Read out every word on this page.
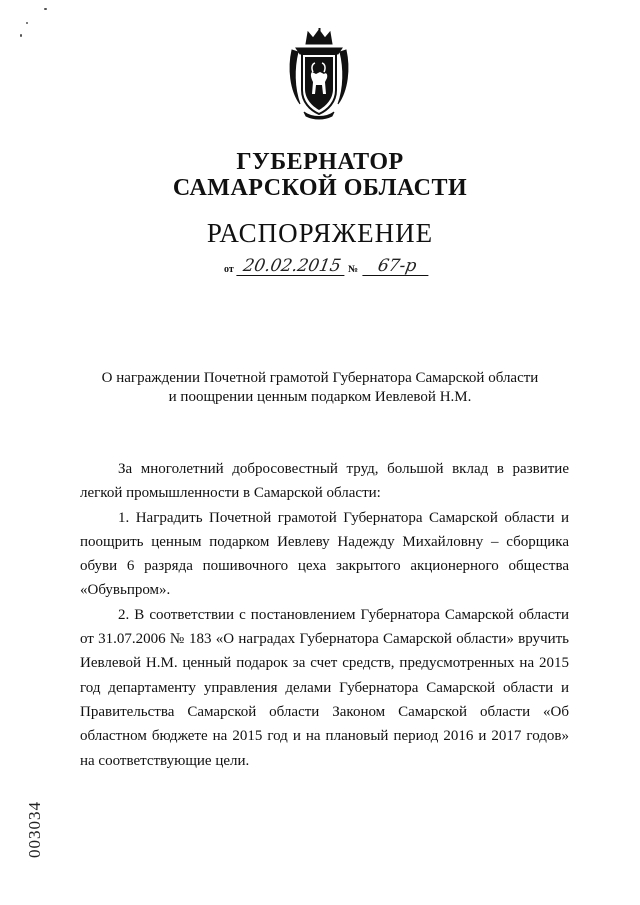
ГУБЕРНАТОР
САМАРСКОЙ ОБЛАСТИ
РАСПОРЯЖЕНИЕ
от 20.02.2015 №	67-р
О награждении Почетной грамотой Губернатора Самарской области
и поощрении ценным подарком Иевлевой Н.М.

За многолетний добросовестный труд, большой вклад в развитие легкой промышленности в Самарской области:

1. Наградить Почетной грамотой Губернатора Самарской области и поощрить ценным подарком Иевлеву Надежду Михайловну – сборщика обуви 6 разряда пошивочного цеха закрытого акционерного общества «Обувьпром».

2. В соответствии с постановлением Губернатора Самарской области от 31.07.2006 № 183 «О наградах Губернатора Самарской области» вручить Иевлевой Н.М. ценный подарок за счет средств, предусмотренных на 2015 год департаменту управления делами Губернатора Самарской области и Правительства Самарской области Законом Самарской области «Об областном бюджете на 2015 год и на плановый период 2016 и 2017 годов» на соответствующие цели.

003034
